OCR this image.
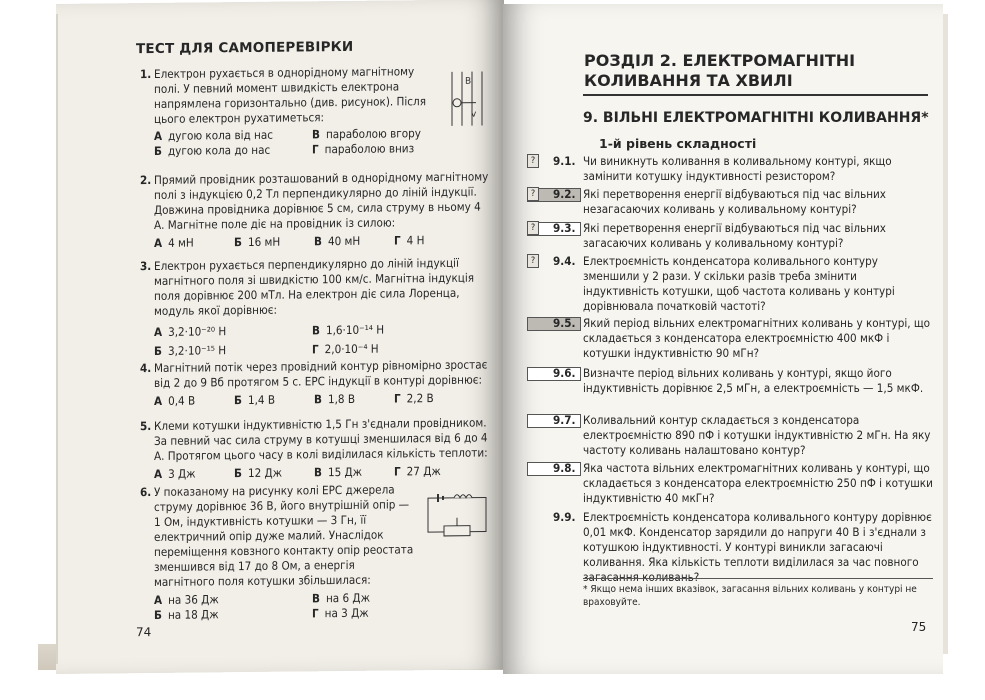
ТЕСТ ДЛЯ САМОПЕРЕВІРКИ
1. Електрон рухається в однорідному магнітному полі. У певний момент швидкість електрона напрямлена горизонтально (див. рисунок). Після цього електрон рухатиметься:
А дугою кола від нас	В параболою вгору
Б дугою кола до нас	Г параболою вниз
B
v
2. Прямий провідник розташований в однорідному магнітному полі з індукцією 0,2 Тл перпендикулярно до ліній індукції. Довжина провідника дорівнює 5 см, сила струму в ньому 4 А. Магнітне поле діє на провідник із силою:
А 4 мН	Б 16 мН	В 40 мН	Г 4 Н
3. Електрон рухається перпендикулярно до ліній індукції магнітного поля зі швидкістю 100 км/с. Магнітна індукція поля дорівнює 200 мТл. На електрон діє сила Лоренца, модуль якої дорівнює:
А 3,2·10⁻²⁰ Н	В 1,6·10⁻¹⁴ Н
Б 3,2·10⁻¹⁵ Н	Г 2,0·10⁻⁴ Н
4. Магнітний потік через провідний контур рівномірно зростає від 2 до 9 Вб протягом 5 с. ЕРС індукції в контурі дорівнює:
А 0,4 В	Б 1,4 В	В 1,8 В	Г 2,2 В
5. Клеми котушки індуктивністю 1,5 Гн з'єднали провідником. За певний час сила струму в котушці зменшилася від 6 до 4 А. Протягом цього часу в колі виділилася кількість теплоти:
А 3 Дж	Б 12 Дж	В 15 Дж	Г 27 Дж
6. У показаному на рисунку колі ЕРС джерела струму дорівнює 36 В, його внутрішній опір — 1 Ом, індуктивність котушки — 3 Гн, її електричний опір дуже малий. Унаслідок переміщення ковзного контакту опір реостата зменшився від 17 до 8 Ом, а енергія магнітного поля котушки збільшилася:
А на 36 Дж	В на 6 Дж
Б на 18 Дж	Г на 3 Дж
74
РОЗДІЛ 2. ЕЛЕКТРОМАГНІТНІ
КОЛИВАННЯ ТА ХВИЛІ
9. ВІЛЬНІ ЕЛЕКТРОМАГНІТНІ КОЛИВАННЯ*
1-й рівень складності
?	9.1. Чи виникнуть коливання в коливальному контурі, якщо замінити котушку індуктивності резистором?
?	9.2. Які перетворення енергії відбуваються під час вільних незагасаючих коливань у коливальному контурі?
?	9.3. Які перетворення енергії відбуваються під час вільних загасаючих коливань у коливальному контурі?
?	9.4. Електроємність конденсатора коливального контуру зменшили у 2 рази. У скільки разів треба змінити індуктивність котушки, щоб частота коливань у контурі дорівнювала початковій частоті?
9.5. Який період вільних електромагнітних коливань у контурі, що складається з конденсатора електроємністю 400 мкФ і котушки індуктивністю 90 мГн?
9.6. Визначте період вільних коливань у контурі, якщо його індуктивність дорівнює 2,5 мГн, а електроємність — 1,5 мкФ.
9.7. Коливальний контур складається з конденсатора електроємністю 890 пФ і котушки індуктивністю 2 мГн. На яку частоту коливань налаштовано контур?
9.8. Яка частота вільних електромагнітних коливань у контурі, що складається з конденсатора електроємністю 250 пФ і котушки індуктивністю 40 мкГн?
9.9. Електроємність конденсатора коливального контуру дорівнює 0,01 мкФ. Конденсатор зарядили до напруги 40 В і з'єднали з котушкою індуктивності. У контурі виникли загасаючі коливання. Яка кількість теплоти виділилася за час повного загасання коливань?
* Якщо нема інших вказівок, загасання вільних коливань у контурі не враховуйте.
75
